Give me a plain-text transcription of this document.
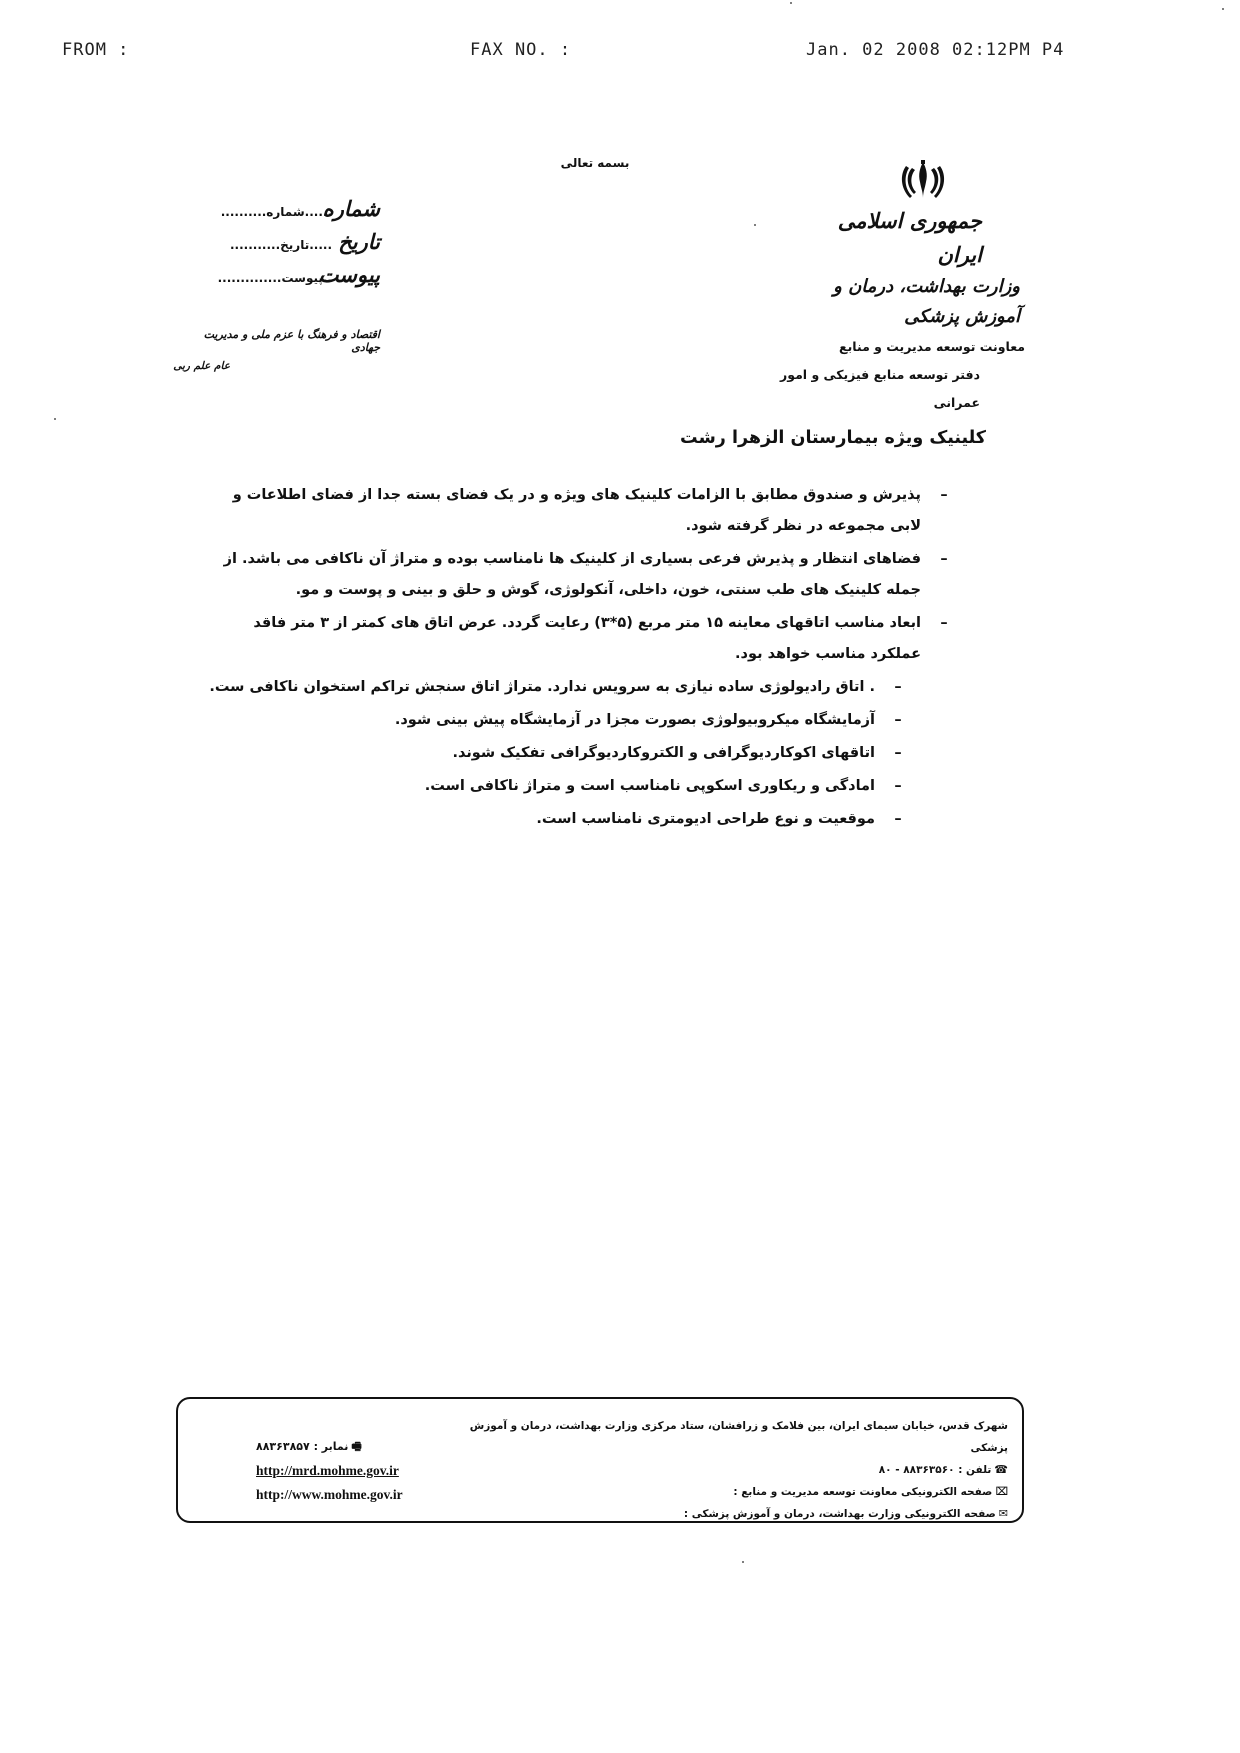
FROM :	FAX NO. :	Jan. 02 2008 02:12PM P4
بسمه تعالی
جمهوری اسلامی ایران
وزارت بهداشت، درمان و آموزش پزشکی
معاونت توسعه مدیریت و منابع
دفتر توسعه منابع فیزیکی و امور عمرانی
شماره
......شماره..........
تاریخ
.....تاریخ...........
پیوست
..پیوست..............
اقتصاد و فرهنگ با عزم ملی و مدیریت جهادی
عام علم ربی
کلینیک ویژه بیمارستان الزهرا رشت
–
پذیرش و صندوق مطابق با الزامات کلینیک های ویژه و در یک فضای بسته جدا از فضای اطلاعات و لابی مجموعه در نظر گرفته شود.
–
فضاهای انتظار و پذیرش فرعی بسیاری از کلینیک ها نامناسب بوده و متراژ آن ناکافی می باشد. از جمله کلینیک های طب سنتی، خون، داخلی، آنکولوژی، گوش و حلق و بینی و پوست و مو.
–
ابعاد مناسب اتاقهای معاینه ۱۵ متر مربع (۵*۳) رعایت گردد. عرض اتاق های کمتر از ۳ متر فاقد عملکرد مناسب خواهد بود.
–
. اتاق رادیولوژی ساده نیازی به سرویس ندارد. متراژ اتاق سنجش تراکم استخوان ناکافی ست.
–
آزمایشگاه میکروبیولوژی بصورت مجزا در آزمایشگاه پیش بینی شود.
–
اتاقهای اکوکاردیوگرافی و الکتروکاردیوگرافی تفکیک شوند.
–
امادگی و ریکاوری اسکوپی نامناسب است و متراژ ناکافی است.
–
موقعیت و نوع طراحی ادیومتری نامناسب است.
شهرک قدس، خیابان سیمای ایران، بین فلامک و زرافشان، ستاد مرکزی وزارت بهداشت، درمان و آموزش پزشکی
☎تلفن : ۸۸۳۶۳۵۶۰ - ۸۰
⌧صفحه الکترونیکی معاونت توسعه مدیریت و منابع :
✉صفحه الکترونیکی وزارت بهداشت، درمان و آموزش پزشکی :
🖷نمابر : ۸۸۳۶۳۸۵۷
http://mrd.mohme.gov.ir
http://www.mohme.gov.ir
